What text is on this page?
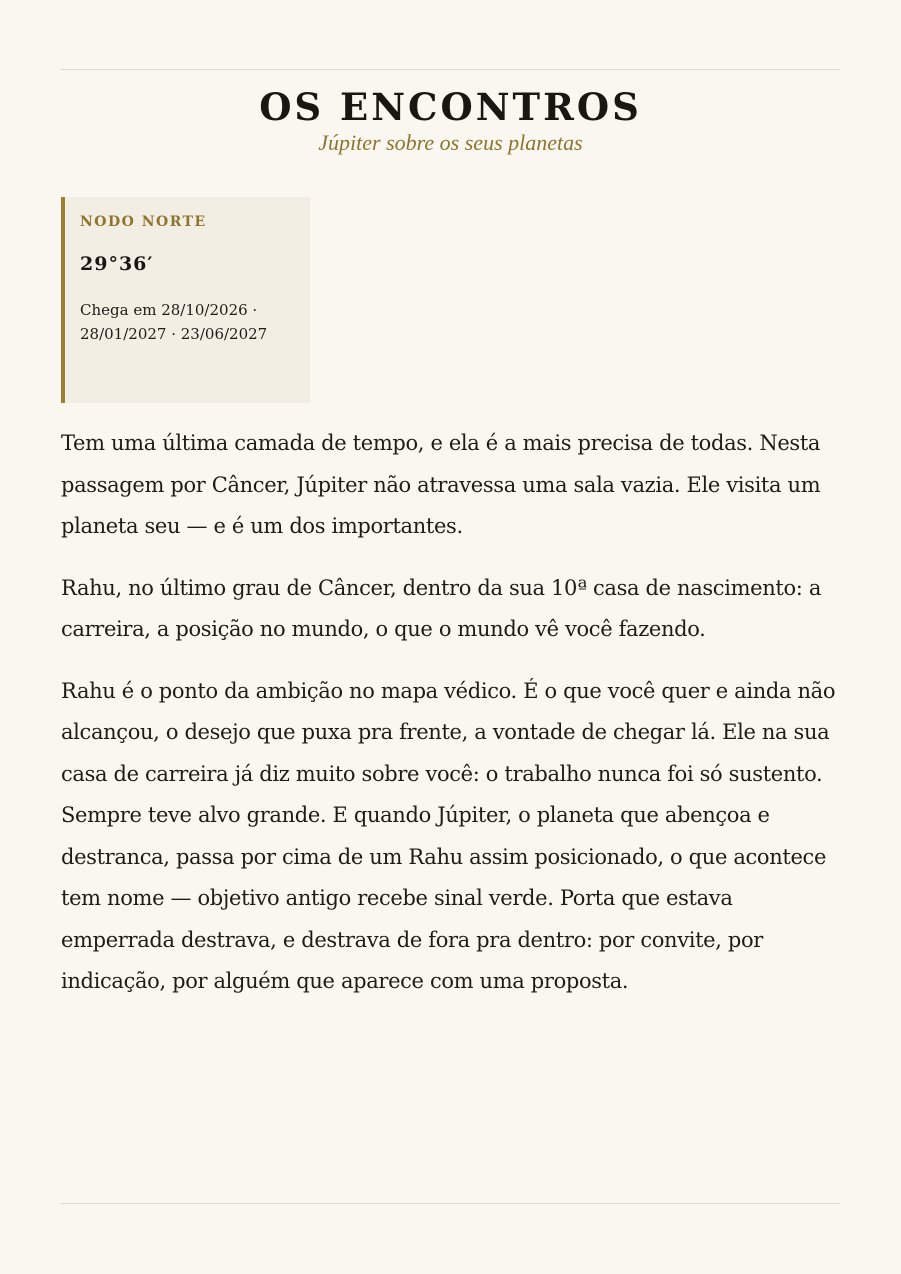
OS ENCONTROS

Júpiter sobre os seus planetas

NODO NORTE

29°36′

Chega em 28/10/2026 · 28/01/2027 · 23/06/2027

Tem uma última camada de tempo, e ela é a mais precisa de todas. Nesta passagem por Câncer, Júpiter não atravessa uma sala vazia. Ele visita um planeta seu — e é um dos importantes.

Rahu, no último grau de Câncer, dentro da sua 10ª casa de nascimento: a carreira, a posição no mundo, o que o mundo vê você fazendo.

Rahu é o ponto da ambição no mapa védico. É o que você quer e ainda não alcançou, o desejo que puxa pra frente, a vontade de chegar lá. Ele na sua casa de carreira já diz muito sobre você: o trabalho nunca foi só sustento. Sempre teve alvo grande. E quando Júpiter, o planeta que abençoa e destranca, passa por cima de um Rahu assim posicionado, o que acontece tem nome — objetivo antigo recebe sinal verde. Porta que estava emperrada destrava, e destrava de fora pra dentro: por convite, por indicação, por alguém que aparece com uma proposta.
